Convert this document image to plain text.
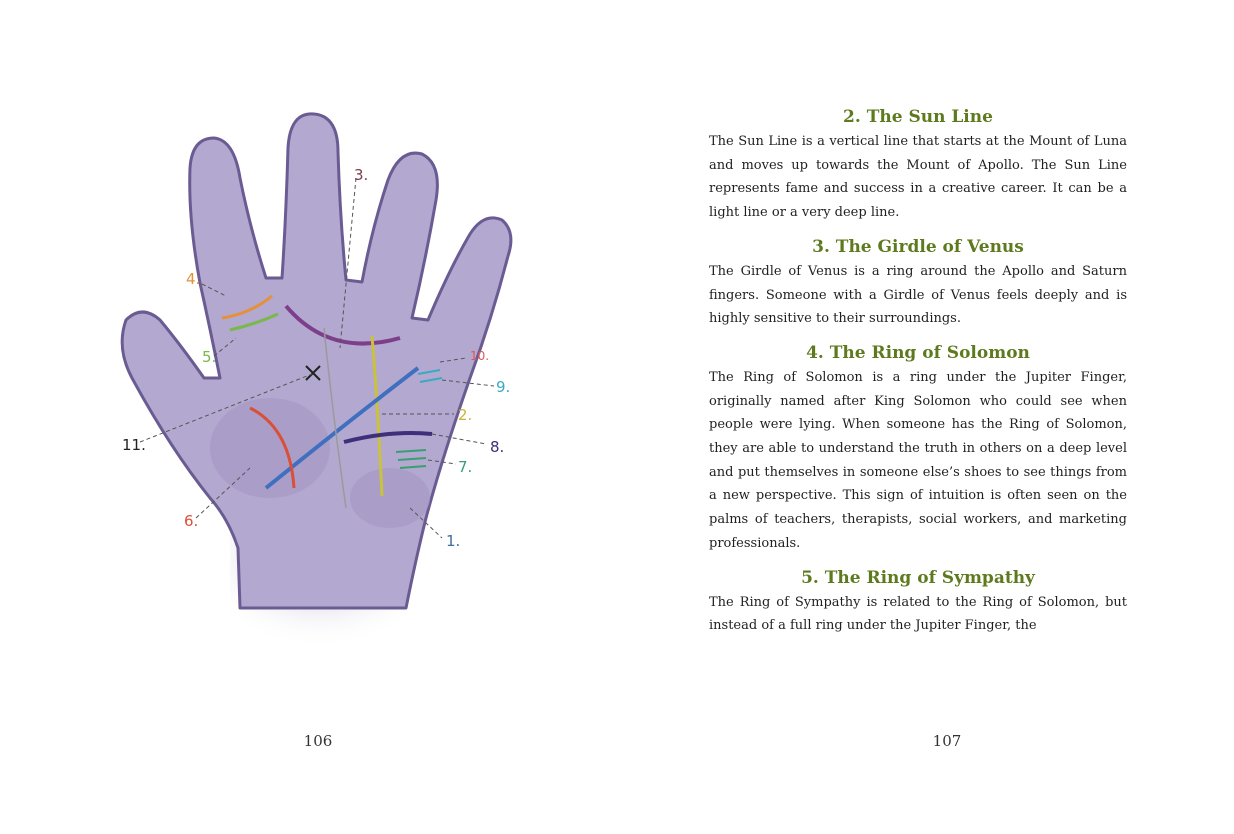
1.
2.
3.
4.
5.
6.
7.
8.
9.
10.
11.
106
2. The Sun Line

The Sun Line is a vertical line that starts at the Mount of Luna and moves up towards the Mount of Apollo. The Sun Line represents fame and success in a creative career. It can be a light line or a very deep line.

3. The Girdle of Venus

The Girdle of Venus is a ring around the Apollo and Saturn fingers. Someone with a Girdle of Venus feels deeply and is highly sensitive to their surroundings.

4. The Ring of Solomon

The Ring of Solomon is a ring under the Jupiter Finger, originally named after King Solomon who could see when people were lying. When someone has the Ring of Solomon, they are able to understand the truth in others on a deep level and put themselves in someone else’s shoes to see things from a new perspective. This sign of intuition is often seen on the palms of teachers, therapists, social workers, and marketing professionals.

5. The Ring of Sympathy

The Ring of Sympathy is related to the Ring of Solomon, but instead of a full ring under the Jupiter Finger, the

107
